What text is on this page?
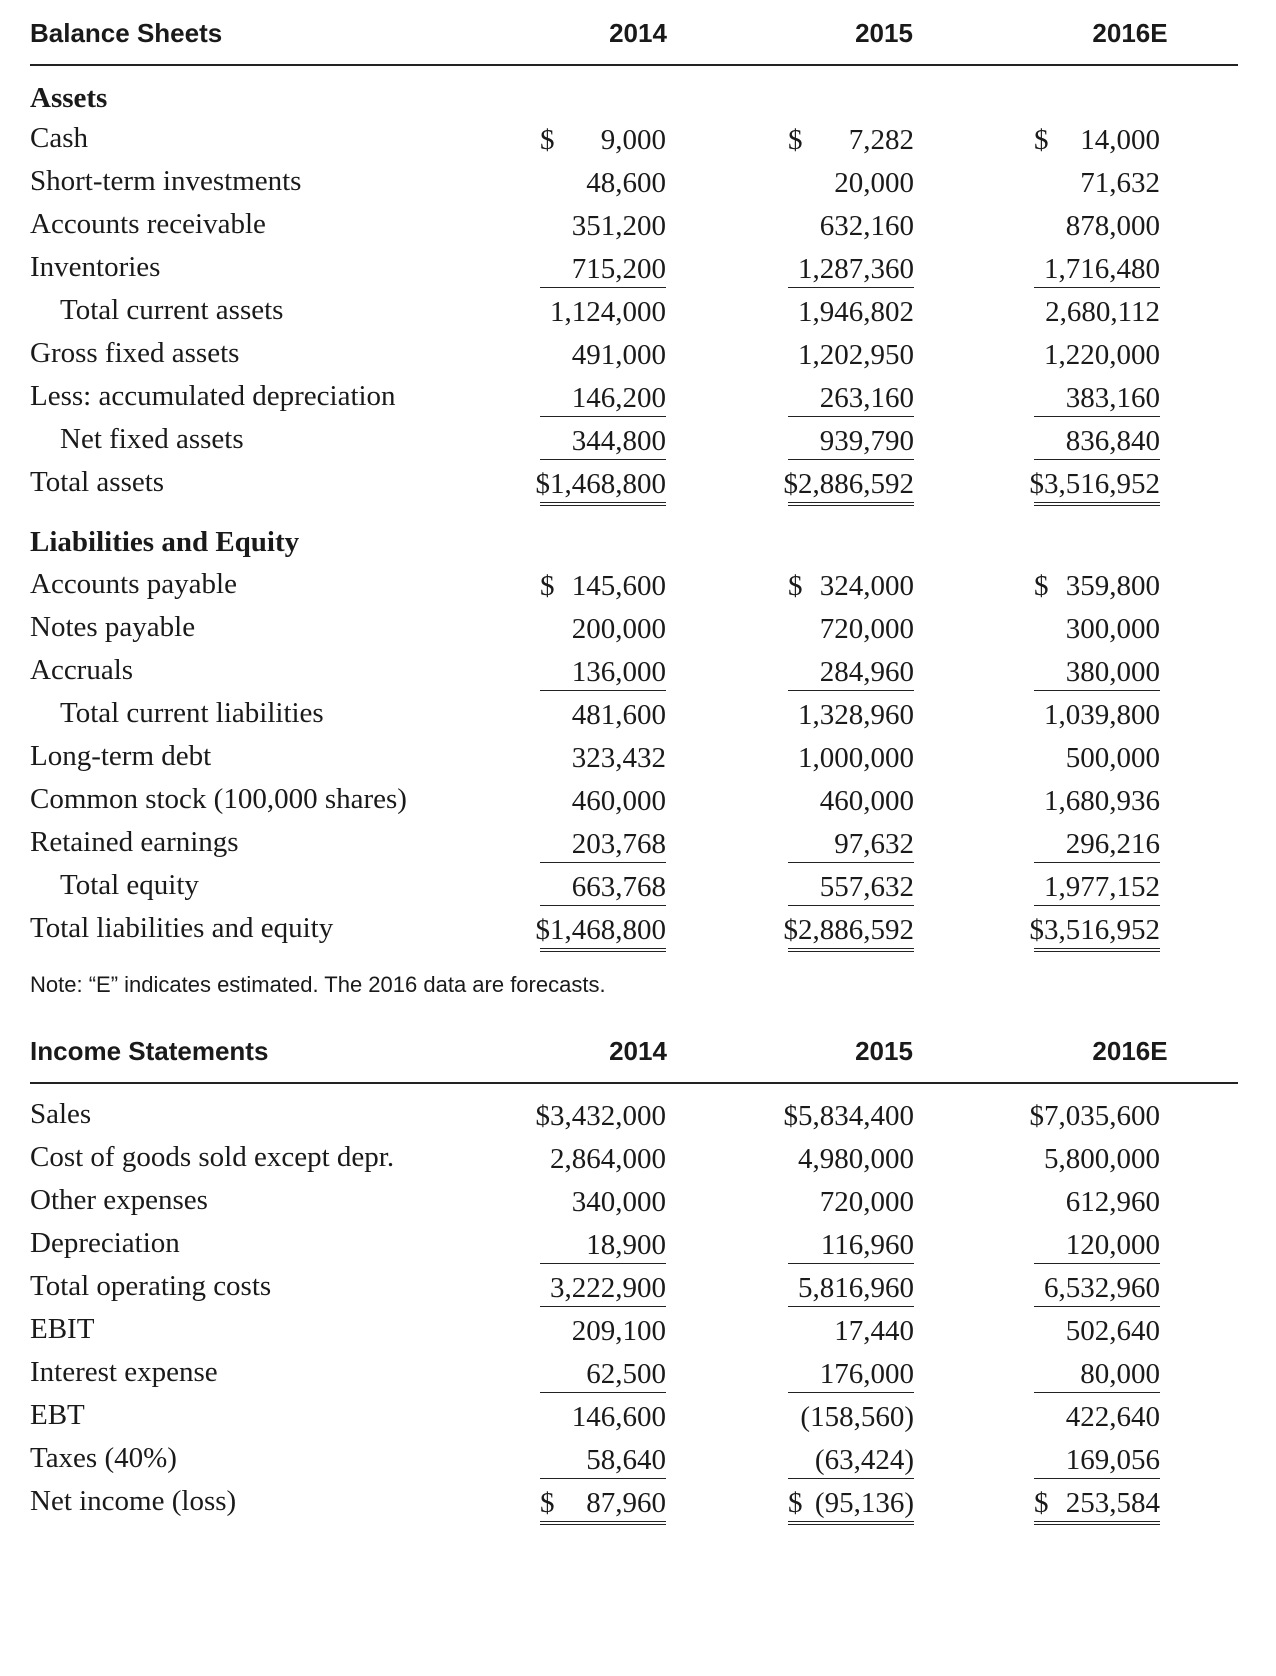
Balance Sheets	2014	2015	2016E
Assets
Cash	$ 9,000	$ 7,282	$ 14,000
Short-term investments	48,600	20,000	71,632
Accounts receivable	351,200	632,160	878,000
Inventories	715,200	1,287,360	1,716,480
Total current assets	1,124,000	1,946,802	2,680,112
Gross fixed assets	491,000	1,202,950	1,220,000
Less: accumulated depreciation	146,200	263,160	383,160
Net fixed assets	344,800	939,790	836,840
Total assets	$1,468,800	$2,886,592	$3,516,952
Liabilities and Equity
Accounts payable	$ 145,600	$ 324,000	$ 359,800
Notes payable	200,000	720,000	300,000
Accruals	136,000	284,960	380,000
Total current liabilities	481,600	1,328,960	1,039,800
Long-term debt	323,432	1,000,000	500,000
Common stock (100,000 shares)	460,000	460,000	1,680,936
Retained earnings	203,768	97,632	296,216
Total equity	663,768	557,632	1,977,152
Total liabilities and equity	$1,468,800	$2,886,592	$3,516,952
Note: “E” indicates estimated. The 2016 data are forecasts.
Income Statements	2014	2015	2016E
Sales	$3,432,000	$5,834,400	$7,035,600
Cost of goods sold except depr.	2,864,000	4,980,000	5,800,000
Other expenses	340,000	720,000	612,960
Depreciation	18,900	116,960	120,000
Total operating costs	3,222,900	5,816,960	6,532,960
EBIT	209,100	17,440	502,640
Interest expense	62,500	176,000	80,000
EBT	146,600	(158,560)	422,640
Taxes (40%)	58,640	(63,424)	169,056
Net income (loss)	$ 87,960	$ (95,136)	$ 253,584
